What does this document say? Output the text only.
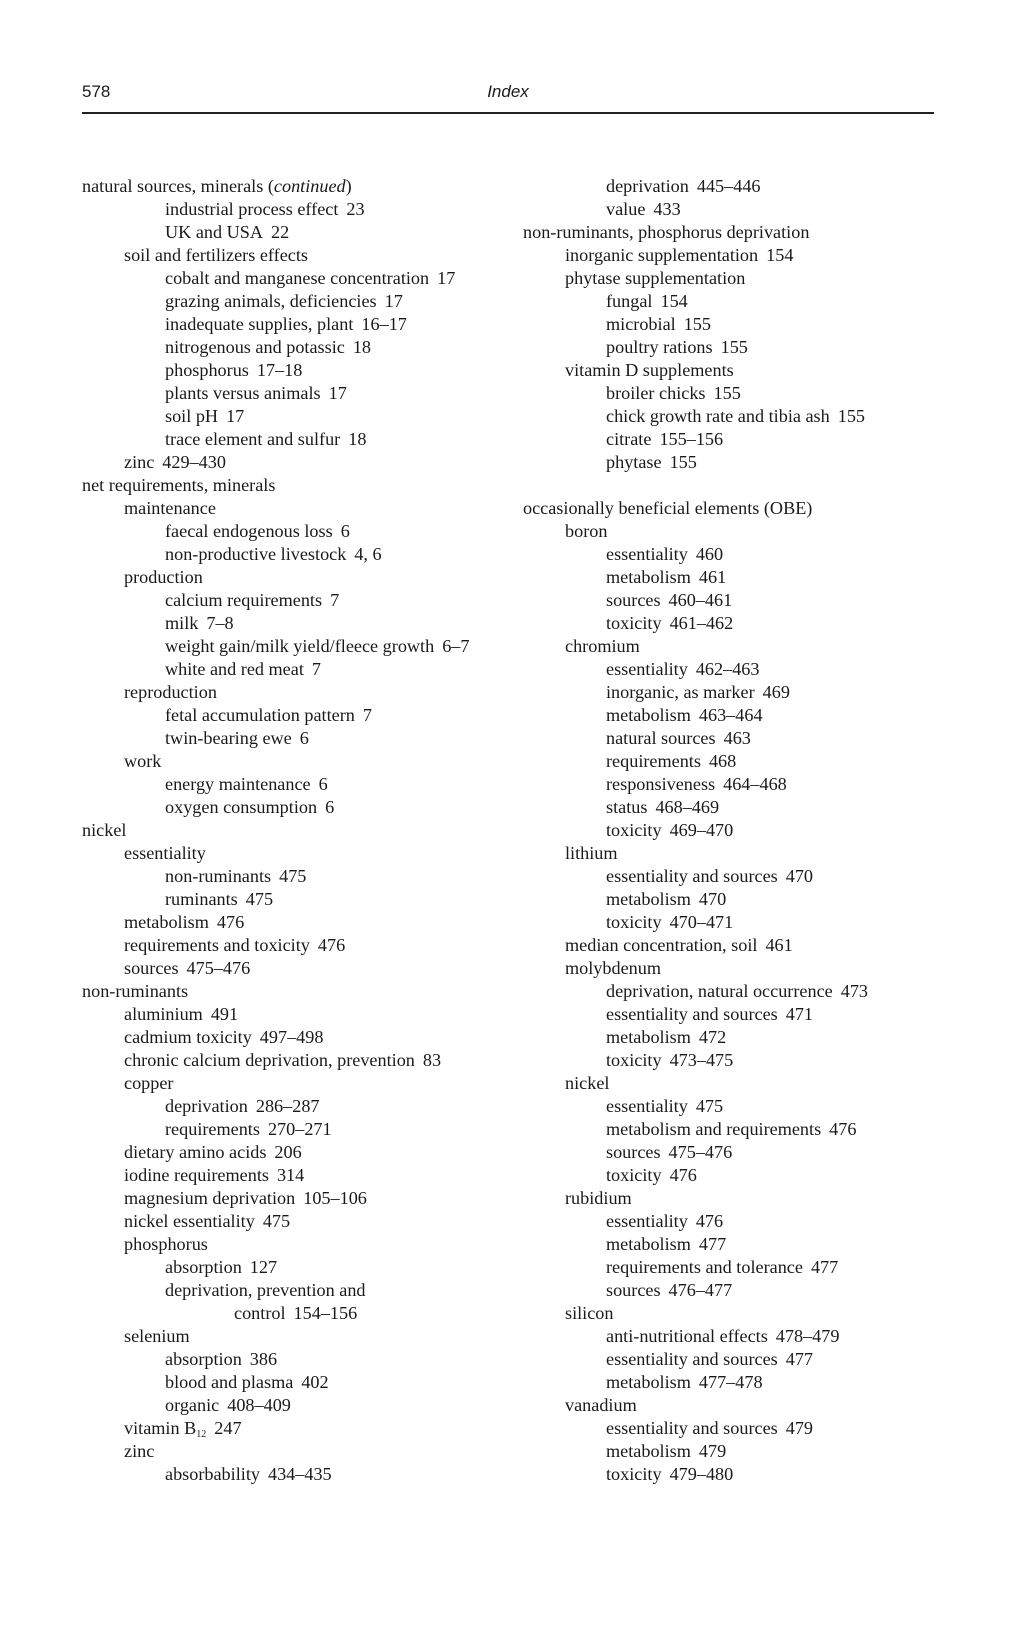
578	Index
natural sources, minerals (continued)
industrial process effect 23
UK and USA 22
soil and fertilizers effects
cobalt and manganese concentration 17
grazing animals, deficiencies 17
inadequate supplies, plant 16–17
nitrogenous and potassic 18
phosphorus 17–18
plants versus animals 17
soil pH 17
trace element and sulfur 18
zinc 429–430
net requirements, minerals
maintenance
faecal endogenous loss 6
non-productive livestock 4, 6
production
calcium requirements 7
milk 7–8
weight gain/milk yield/fleece growth 6–7
white and red meat 7
reproduction
fetal accumulation pattern 7
twin-bearing ewe 6
work
energy maintenance 6
oxygen consumption 6
nickel
essentiality
non-ruminants 475
ruminants 475
metabolism 476
requirements and toxicity 476
sources 475–476
non-ruminants
aluminium 491
cadmium toxicity 497–498
chronic calcium deprivation, prevention 83
copper
deprivation 286–287
requirements 270–271
dietary amino acids 206
iodine requirements 314
magnesium deprivation 105–106
nickel essentiality 475
phosphorus
absorption 127
deprivation, prevention and
control 154–156
selenium
absorption 386
blood and plasma 402
organic 408–409
vitamin $B_{12}$ 247
zinc
absorbability 434–435
deprivation 445–446
value 433
non-ruminants, phosphorus deprivation
inorganic supplementation 154
phytase supplementation
fungal 154
microbial 155
poultry rations 155
vitamin D supplements
broiler chicks 155
chick growth rate and tibia ash 155
citrate 155–156
phytase 155
occasionally beneficial elements (OBE)
boron
essentiality 460
metabolism 461
sources 460–461
toxicity 461–462
chromium
essentiality 462–463
inorganic, as marker 469
metabolism 463–464
natural sources 463
requirements 468
responsiveness 464–468
status 468–469
toxicity 469–470
lithium
essentiality and sources 470
metabolism 470
toxicity 470–471
median concentration, soil 461
molybdenum
deprivation, natural occurrence 473
essentiality and sources 471
metabolism 472
toxicity 473–475
nickel
essentiality 475
metabolism and requirements 476
sources 475–476
toxicity 476
rubidium
essentiality 476
metabolism 477
requirements and tolerance 477
sources 476–477
silicon
anti-nutritional effects 478–479
essentiality and sources 477
metabolism 477–478
vanadium
essentiality and sources 479
metabolism 479
toxicity 479–480
